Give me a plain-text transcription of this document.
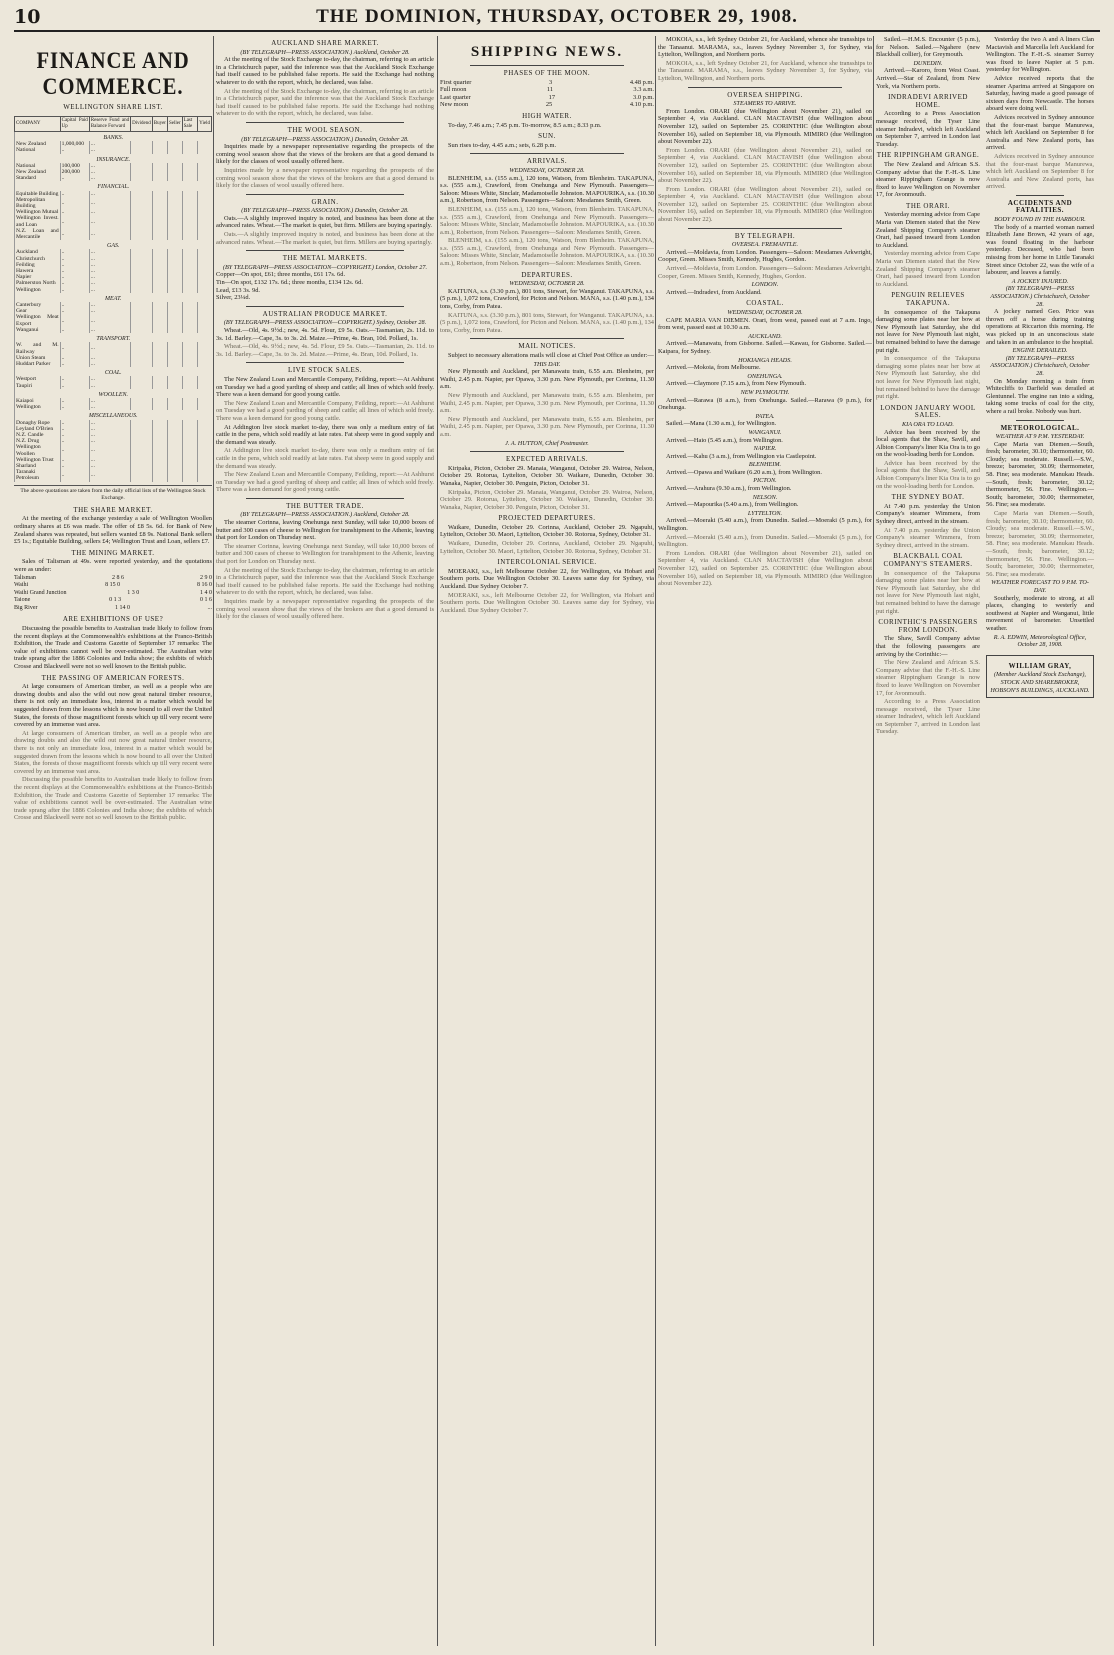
10	THE DOMINION, THURSDAY, OCTOBER 29, 1908.
FINANCE AND COMMERCE.
WELLINGTON SHARE LIST.
COMPANY	Capital Paid Up	Reserve Fund and Balance Forward	Dividend	Buyer	Seller	Last Sale	Yield
BANKS.							
New Zealand	1,000,000	...					
National	..	...					
INSURANCE.							
National	100,000	...					
New Zealand	200,000	...					
Standard	..	...					
FINANCIAL.							
Equitable Building	..	...					
Metropolitan Building	..	...					
Wellington Mutual	..	...					
Wellington Invest. and Loan	..	...					
N.Z. Loan and Mercantile	..	...					
GAS.							
Auckland	..	...					
Christchurch	..	...					
Feilding	..	...					
Hawera	..	...					
Napier	..	...					
Palmerston North	..	...					
Wellington	..	...					
MEAT.							
Canterbury	..	...					
Gear	..	...					
Wellington Meat Export	..	...					
Wanganui	..	...					
TRANSPORT.							
W. and M. Railway	..	...					
Union Steam	..	...					
Huddart Parker	..	...					
COAL.							
Westport	..	...					
Taupiri	..	...					
WOOLLEN.							
Kaiapoi	..	...					
Wellington	..	...					
MISCELLANEOUS.							
Donaghy Rope	..	...					
Leyland O'Brien	..	...					
N.Z. Candle	..	...					
N.Z. Drug	..	...					
Wellington Woollen	..	...					
Wellington Trust	..	...					
Sharland	..	...					
Taranaki Petroleum	..	...					
The above quotations are taken from the daily official lists of the Wellington Stock Exchange.
THE SHARE MARKET.

At the meeting of the exchange yesterday a sale of Wellington Woollen ordinary shares at £6 was made. The offer of £8 5s. 6d. for Bank of New Zealand shares was repeated, but sellers wanted £8 9s. National Bank sellers £5 1s.; Equitable Building, sellers £4; Wellington Trust and Loan, sellers £7.

THE MINING MARKET.

Sales of Talisman at 49s. were reported yesterday, and the quotations were as under:

Talisman	2 8 6	2 9 0
Waihi	8 15 0	8 16 0
Waihi Grand Junction	1 3 0	1 4 0
Taione	0 1 3	0 1 6
Big River	1 14 0	...
ARE EXHIBITIONS OF USE?

Discussing the possible benefits to Australian trade likely to follow from the recent displays at the Commonwealth's exhibitions at the Franco-British Exhibition, the Trade and Customs Gazette of September 17 remarks: The value of exhibitions cannot well be over-estimated. The Australian wine trade sprang after the 1886 Colonies and India show; the exhibits of which Crosse and Blackwell were not so well known to the British public.

THE PASSING OF AMERICAN FORESTS.

At large consumers of American timber, as well as a people who are drawing doubts and also the wild out now great natural timber resource, there is not only an immediate loss, interest in a matter which would be suggested drawn from the lessons which is now bound to all over the United States, the forests of those magnificent forests which up till very recent were covered by an immense vast area.

At large consumers of American timber, as well as a people who are drawing doubts and also the wild out now great natural timber resource, there is not only an immediate loss, interest in a matter which would be suggested drawn from the lessons which is now bound to all over the United States, the forests of those magnificent forests which up till very recent were covered by an immense vast area.

Discussing the possible benefits to Australian trade likely to follow from the recent displays at the Commonwealth's exhibitions at the Franco-British Exhibition, the Trade and Customs Gazette of September 17 remarks: The value of exhibitions cannot well be over-estimated. The Australian wine trade sprang after the 1886 Colonies and India show; the exhibits of which Crosse and Blackwell were not so well known to the British public.

AUCKLAND SHARE MARKET.
(BY TELEGRAPH—PRESS ASSOCIATION.) Auckland, October 28.

At the meeting of the Stock Exchange to-day, the chairman, referring to an article in a Christchurch paper, said the inference was that the Auckland Stock Exchange had itself caused to be published false reports. He said the Exchange had nothing whatever to do with the report, which, he declared, was false.

At the meeting of the Stock Exchange to-day, the chairman, referring to an article in a Christchurch paper, said the inference was that the Auckland Stock Exchange had itself caused to be published false reports. He said the Exchange had nothing whatever to do with the report, which, he declared, was false.

THE WOOL SEASON.
(BY TELEGRAPH—PRESS ASSOCIATION.) Dunedin, October 28.

Inquiries made by a newspaper representative regarding the prospects of the coming wool season show that the views of the brokers are that a good demand is likely for the classes of wool usually offered here.

Inquiries made by a newspaper representative regarding the prospects of the coming wool season show that the views of the brokers are that a good demand is likely for the classes of wool usually offered here.

GRAIN.
(BY TELEGRAPH—PRESS ASSOCIATION.) Dunedin, October 28.

Oats.—A slightly improved inquiry is noted, and business has been done at the advanced rates. Wheat.—The market is quiet, but firm. Millers are buying sparingly.

Oats.—A slightly improved inquiry is noted, and business has been done at the advanced rates. Wheat.—The market is quiet, but firm. Millers are buying sparingly.

THE METAL MARKETS.
(BY TELEGRAPH—PRESS ASSOCIATION—COPYRIGHT.) London, October 27.
Copper—On spot, £61; three months, £61 17s. 6d.
Tin—On spot, £132 17s. 6d.; three months, £134 12s. 6d.
Lead, £13 3s. 9d.
Silver, 23¼d.
AUSTRALIAN PRODUCE MARKET.
(BY TELEGRAPH—PRESS ASSOCIATION—COPYRIGHT.) Sydney, October 28.

Wheat.—Old, 4s. 9½d.; new, 4s. 5d. Flour, £9 5s. Oats.—Tasmanian, 2s. 11d. to 3s. 1d. Barley.—Cape, 3s. to 3s. 2d. Maize.—Prime, 4s. Bran, 10d. Pollard, 1s.

Wheat.—Old, 4s. 9½d.; new, 4s. 5d. Flour, £9 5s. Oats.—Tasmanian, 2s. 11d. to 3s. 1d. Barley.—Cape, 3s. to 3s. 2d. Maize.—Prime, 4s. Bran, 10d. Pollard, 1s.

LIVE STOCK SALES.

The New Zealand Loan and Mercantile Company, Feilding, report:—At Ashhurst on Tuesday we had a good yarding of sheep and cattle; all lines of which sold freely. There was a keen demand for good young cattle.

The New Zealand Loan and Mercantile Company, Feilding, report:—At Ashhurst on Tuesday we had a good yarding of sheep and cattle; all lines of which sold freely. There was a keen demand for good young cattle.

At Addington live stock market to-day, there was only a medium entry of fat cattle in the pens, which sold readily at late rates. Fat sheep were in good supply and the demand was steady.

At Addington live stock market to-day, there was only a medium entry of fat cattle in the pens, which sold readily at late rates. Fat sheep were in good supply and the demand was steady.

The New Zealand Loan and Mercantile Company, Feilding, report:—At Ashhurst on Tuesday we had a good yarding of sheep and cattle; all lines of which sold freely. There was a keen demand for good young cattle.

THE BUTTER TRADE.
(BY TELEGRAPH—PRESS ASSOCIATION.) Auckland, October 28.

The steamer Corinna, leaving Onehunga next Sunday, will take 10,000 boxes of butter and 300 cases of cheese to Wellington for transhipment to the Athenic, leaving that port for London on Thursday next.

The steamer Corinna, leaving Onehunga next Sunday, will take 10,000 boxes of butter and 300 cases of cheese to Wellington for transhipment to the Athenic, leaving that port for London on Thursday next.

At the meeting of the Stock Exchange to-day, the chairman, referring to an article in a Christchurch paper, said the inference was that the Auckland Stock Exchange had itself caused to be published false reports. He said the Exchange had nothing whatever to do with the report, which, he declared, was false.

Inquiries made by a newspaper representative regarding the prospects of the coming wool season show that the views of the brokers are that a good demand is likely for the classes of wool usually offered here.

SHIPPING NEWS.
PHASES OF THE MOON.
First quarter	3	4.48 p.m.
Full moon	11	3.3 a.m.
Last quarter	17	3.0 p.m.
New moon	25	4.10 p.m.
HIGH WATER.

To-day, 7.46 a.m.; 7.45 p.m. To-morrow, 8.5 a.m.; 8.33 p.m.

SUN.

Sun rises to-day, 4.45 a.m.; sets, 6.28 p.m.

ARRIVALS.
WEDNESDAY, OCTOBER 28.

BLENHEIM, s.s. (155 a.m.), 120 tons, Watson, from Blenheim. TAKAPUNA, s.s. (555 a.m.), Crawford, from Onehunga and New Plymouth. Passengers—Saloon: Misses White, Sinclair, Madamoiselle Johnston. MAPOURIKA, s.s. (10.30 a.m.), Robertson, from Nelson. Passengers—Saloon: Mesdames Smith, Green.

BLENHEIM, s.s. (155 a.m.), 120 tons, Watson, from Blenheim. TAKAPUNA, s.s. (555 a.m.), Crawford, from Onehunga and New Plymouth. Passengers—Saloon: Misses White, Sinclair, Madamoiselle Johnston. MAPOURIKA, s.s. (10.30 a.m.), Robertson, from Nelson. Passengers—Saloon: Mesdames Smith, Green.

BLENHEIM, s.s. (155 a.m.), 120 tons, Watson, from Blenheim. TAKAPUNA, s.s. (555 a.m.), Crawford, from Onehunga and New Plymouth. Passengers—Saloon: Misses White, Sinclair, Madamoiselle Johnston. MAPOURIKA, s.s. (10.30 a.m.), Robertson, from Nelson. Passengers—Saloon: Mesdames Smith, Green.

DEPARTURES.
WEDNESDAY, OCTOBER 28.

KAITUNA, s.s. (3.30 p.m.), 801 tons, Stewart, for Wanganui. TAKAPUNA, s.s. (5 p.m.), 1,072 tons, Crawford, for Picton and Nelson. MANA, s.s. (1.40 p.m.), 134 tons, Corby, from Patea.

KAITUNA, s.s. (3.30 p.m.), 801 tons, Stewart, for Wanganui. TAKAPUNA, s.s. (5 p.m.), 1,072 tons, Crawford, for Picton and Nelson. MANA, s.s. (1.40 p.m.), 134 tons, Corby, from Patea.

MAIL NOTICES.

Subject to necessary alterations mails will close at Chief Post Office as under:—

THIS DAY.

New Plymouth and Auckland, per Manawatu train, 6.55 a.m. Blenheim, per Waihi, 2.45 p.m. Napier, per Opawa, 3.30 p.m. New Plymouth, per Corinna, 11.30 a.m.

New Plymouth and Auckland, per Manawatu train, 6.55 a.m. Blenheim, per Waihi, 2.45 p.m. Napier, per Opawa, 3.30 p.m. New Plymouth, per Corinna, 11.30 a.m.

New Plymouth and Auckland, per Manawatu train, 6.55 a.m. Blenheim, per Waihi, 2.45 p.m. Napier, per Opawa, 3.30 p.m. New Plymouth, per Corinna, 11.30 a.m.

J. A. HUTTON, Chief Postmaster.
EXPECTED ARRIVALS.

Kiripaka, Picton, October 29. Manaia, Wanganui, October 29. Wairoa, Nelson, October 29. Rotorua, Lyttelton, October 30. Waikare, Dunedin, October 30. Wanaka, Napier, October 30. Penguin, Picton, October 31.

Kiripaka, Picton, October 29. Manaia, Wanganui, October 29. Wairoa, Nelson, October 29. Rotorua, Lyttelton, October 30. Waikare, Dunedin, October 30. Wanaka, Napier, October 30. Penguin, Picton, October 31.

PROJECTED DEPARTURES.

Waikare, Dunedin, October 29. Corinna, Auckland, October 29. Ngapuhi, Lyttelton, October 30. Maori, Lyttelton, October 30. Rotorua, Sydney, October 31.

Waikare, Dunedin, October 29. Corinna, Auckland, October 29. Ngapuhi, Lyttelton, October 30. Maori, Lyttelton, October 30. Rotorua, Sydney, October 31.

INTERCOLONIAL SERVICE.

MOERAKI, s.s., left Melbourne October 22, for Wellington, via Hobart and Southern ports. Due Wellington October 30. Leaves same day for Sydney, via Auckland. Due Sydney October 7.

MOERAKI, s.s., left Melbourne October 22, for Wellington, via Hobart and Southern ports. Due Wellington October 30. Leaves same day for Sydney, via Auckland. Due Sydney October 7.

MOKOIA, s.s., left Sydney October 21, for Auckland, whence she transships to the Tanaanui. MARAMA, s.s., leaves Sydney November 3, for Sydney, via Lyttelton, Wellington, and Northern ports.

MOKOIA, s.s., left Sydney October 21, for Auckland, whence she transships to the Tanaanui. MARAMA, s.s., leaves Sydney November 3, for Sydney, via Lyttelton, Wellington, and Northern ports.

OVERSEA SHIPPING.
STEAMERS TO ARRIVE.

From London. ORARI (due Wellington about November 21), sailed on September 4, via Auckland. CLAN MACTAVISH (due Wellington about November 12), sailed on September 25. CORINTHIC (due Wellington about November 16), sailed on September 18, via Plymouth. MIMIRO (due Wellington about November 22).

From London. ORARI (due Wellington about November 21), sailed on September 4, via Auckland. CLAN MACTAVISH (due Wellington about November 12), sailed on September 25. CORINTHIC (due Wellington about November 16), sailed on September 18, via Plymouth. MIMIRO (due Wellington about November 22).

From London. ORARI (due Wellington about November 21), sailed on September 4, via Auckland. CLAN MACTAVISH (due Wellington about November 12), sailed on September 25. CORINTHIC (due Wellington about November 16), sailed on September 18, via Plymouth. MIMIRO (due Wellington about November 22).

BY TELEGRAPH.
OVERSEA. FREMANTLE.

Arrived.—Moldavia, from London. Passengers—Saloon: Mesdames Arkwright, Cooper, Green. Misses Smith, Kennedy, Hughes, Gordon.

Arrived.—Moldavia, from London. Passengers—Saloon: Mesdames Arkwright, Cooper, Green. Misses Smith, Kennedy, Hughes, Gordon.

LONDON.

Arrived.—Indradevi, from Auckland.

COASTAL.
WEDNESDAY, OCTOBER 28.

CAPE MARIA VAN DIEMEN. Orari, from west, passed east at 7 a.m. Ingo, from west, passed east at 10.30 a.m.

AUCKLAND.

Arrived.—Manawatu, from Gisborne. Sailed.—Kawau, for Gisborne. Sailed.—Kaipara, for Sydney.

HOKIANGA HEADS.

Arrived.—Mokoia, from Melbourne.

ONEHUNGA.

Arrived.—Claymore (7.15 a.m.), from New Plymouth.

NEW PLYMOUTH.

Arrived.—Rarawa (8 a.m.), from Onehunga. Sailed.—Rarawa (9 p.m.), for Onehunga.

PATEA.

Sailed.—Mana (1.30 a.m.), for Wellington.

WANGANUI.

Arrived.—Haio (5.45 a.m.), from Wellington.

NAPIER.

Arrived.—Kahu (3 a.m.), from Wellington via Castlepoint.

BLENHEIM.

Arrived.—Opawa and Waikare (6.20 a.m.), from Wellington.

PICTON.

Arrived.—Arahura (9.30 a.m.), from Wellington.

NELSON.

Arrived.—Mapourika (5.40 a.m.), from Wellington.

LYTTELTON.

Arrived.—Moeraki (5.40 a.m.), from Dunedin. Sailed.—Moeraki (5 p.m.), for Wellington.

Arrived.—Moeraki (5.40 a.m.), from Dunedin. Sailed.—Moeraki (5 p.m.), for Wellington.

From London. ORARI (due Wellington about November 21), sailed on September 4, via Auckland. CLAN MACTAVISH (due Wellington about November 12), sailed on September 25. CORINTHIC (due Wellington about November 16), sailed on September 18, via Plymouth. MIMIRO (due Wellington about November 22).

Sailed.—H.M.S. Encounter (5 p.m.), for Nelson. Sailed.—Ngahere (new Blackball collier), for Greymouth.

DUNEDIN.

Arrived.—Karoro, from West Coast. Arrived.—Star of Zealand, from New York, via Northern ports.

INDRADEVI ARRIVED HOME.

According to a Press Association message received, the Tyser Line steamer Indradevi, which left Auckland on September 7, arrived in London last Tuesday.

THE RIPPINGHAM GRANGE.

The New Zealand and African S.S. Company advise that the F.-H.-S. Line steamer Rippingham Grange is now fixed to leave Wellington on November 17, for Avonmouth.

THE ORARI.

Yesterday morning advice from Cape Maria van Diemen stated that the New Zealand Shipping Company's steamer Orari, had passed inward from London to Auckland.

Yesterday morning advice from Cape Maria van Diemen stated that the New Zealand Shipping Company's steamer Orari, had passed inward from London to Auckland.

PENGUIN RELIEVES TAKAPUNA.

In consequence of the Takapuna damaging some plates near her bow at New Plymouth last Saturday, she did not leave for New Plymouth last night, but remained behind to have the damage put right.

In consequence of the Takapuna damaging some plates near her bow at New Plymouth last Saturday, she did not leave for New Plymouth last night, but remained behind to have the damage put right.

LONDON JANUARY WOOL SALES.
KIA ORA TO LOAD.

Advice has been received by the local agents that the Shaw, Savill, and Albion Company's liner Kia Ora is to go on the wool-loading berth for London.

Advice has been received by the local agents that the Shaw, Savill, and Albion Company's liner Kia Ora is to go on the wool-loading berth for London.

THE SYDNEY BOAT.

At 7.40 p.m. yesterday the Union Company's steamer Wimmera, from Sydney direct, arrived in the stream.

At 7.40 p.m. yesterday the Union Company's steamer Wimmera, from Sydney direct, arrived in the stream.

BLACKBALL COAL COMPANY'S STEAMERS.

In consequence of the Takapuna damaging some plates near her bow at New Plymouth last Saturday, she did not leave for New Plymouth last night, but remained behind to have the damage put right.

CORINTHIC'S PASSENGERS FROM LONDON.

The Shaw, Savill Company advise that the following passengers are arriving by the Corinthic:—

The New Zealand and African S.S. Company advise that the F.-H.-S. Line steamer Rippingham Grange is now fixed to leave Wellington on November 17, for Avonmouth.

According to a Press Association message received, the Tyser Line steamer Indradevi, which left Auckland on September 7, arrived in London last Tuesday.

Yesterday the two A and A liners Clan Mactavish and Marcella left Auckland for Wellington. The F.-H.-S. steamer Surrey was fixed to leave Napier at 5 p.m. yesterday for Wellington.

Advice received reports that the steamer Aparima arrived at Singapore on Saturday, having made a good passage of sixteen days from Newcastle. The horses aboard were doing well.

Advices received in Sydney announce that the four-mast barque Manurewa, which left Auckland on September 8 for Australia and New Zealand ports, has arrived.

Advices received in Sydney announce that the four-mast barque Manurewa, which left Auckland on September 8 for Australia and New Zealand ports, has arrived.

ACCIDENTS AND FATALITIES.
BODY FOUND IN THE HARBOUR.

The body of a married woman named Elizabeth Jane Brown, 42 years of age, was found floating in the harbour yesterday. Deceased, who had been missing from her home in Little Taranaki Street since October 22, was the wife of a labourer, and leaves a family.

A JOCKEY INJURED.
(BY TELEGRAPH—PRESS ASSOCIATION.) Christchurch, October 28.

A jockey named Geo. Price was thrown off a horse during training operations at Riccarton this morning. He was picked up in an unconscious state and taken in an ambulance to the hospital.

ENGINE DERAILED.
(BY TELEGRAPH—PRESS ASSOCIATION.) Christchurch, October 28.

On Monday morning a train from Whitecliffs to Darfield was derailed at Glentunnel. The engine ran into a siding, taking some trucks of coal for the city, where a rail broke. Nobody was hurt.

METEOROLOGICAL.
WEATHER AT 9 P.M. YESTERDAY.

Cape Maria van Diemen.—South, fresh; barometer, 30.10; thermometer, 60. Cloudy; sea moderate. Russell.—S.W., breeze; barometer, 30.09; thermometer, 58. Fine; sea moderate. Manukau Heads.—South, fresh; barometer, 30.12; thermometer, 56. Fine. Wellington.—South; barometer, 30.00; thermometer, 56. Fine; sea moderate.

Cape Maria van Diemen.—South, fresh; barometer, 30.10; thermometer, 60. Cloudy; sea moderate. Russell.—S.W., breeze; barometer, 30.09; thermometer, 58. Fine; sea moderate. Manukau Heads.—South, fresh; barometer, 30.12; thermometer, 56. Fine. Wellington.—South; barometer, 30.00; thermometer, 56. Fine; sea moderate.

WEATHER FORECAST TO 9 P.M. TO-DAY.

Southerly, moderate to strong, at all places, changing to westerly and southwest at Napier and Wanganui, little movement of barometer. Unsettled weather.

R. A. EDWIN, Meteorological Office, October 28, 1908.
WILLIAM GRAY,
(Member Auckland Stock Exchange), STOCK AND SHAREBROKER, HOBSON'S BUILDINGS, AUCKLAND.
